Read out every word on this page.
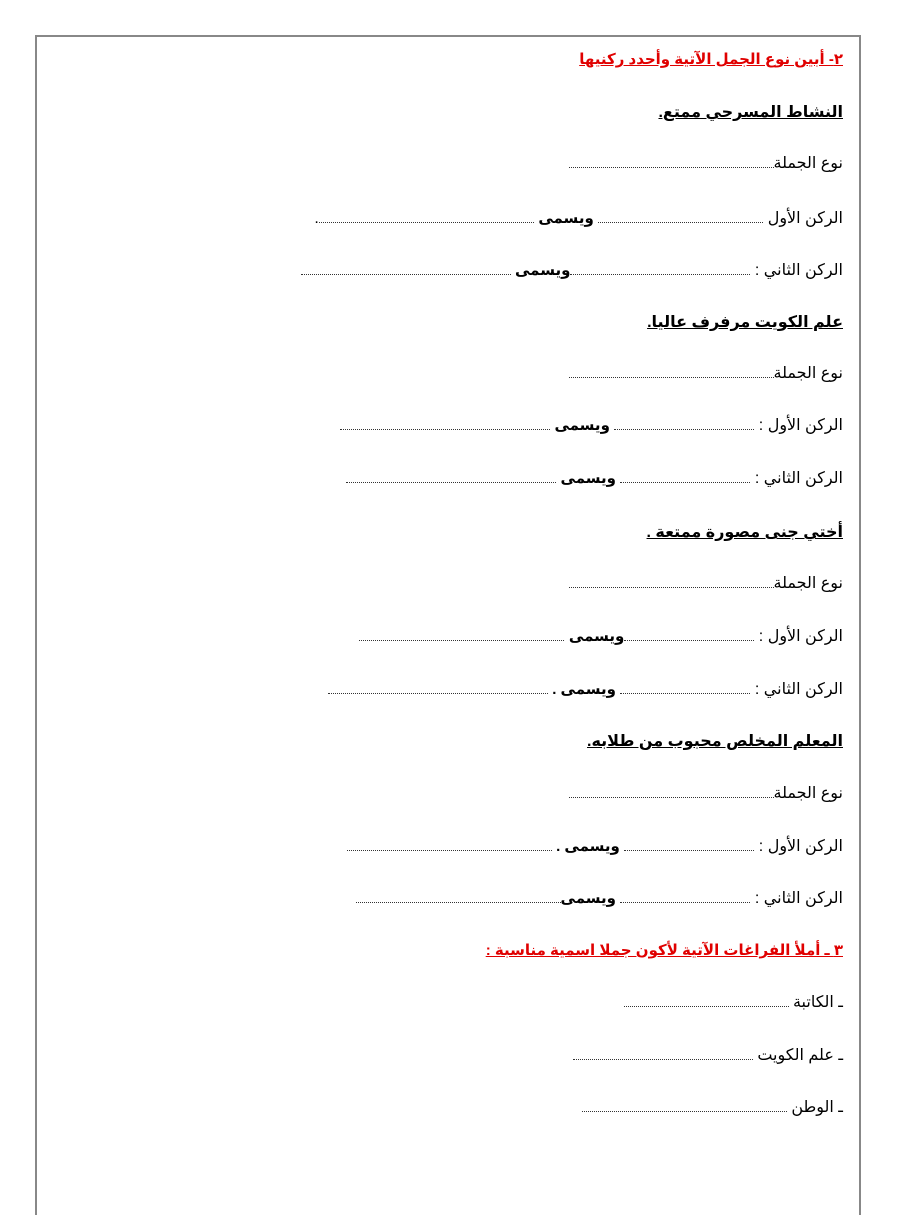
٢- أبين نوع الجمل الآتية وأحدد ركنيها
النشاط المسرحي ممتع.
نوع الجملة
الركن الأول  ويسمى .
الركن الثاني : ويسمى
علم الكويت مرفرف عاليا.
نوع الجملة
الركن الأول :  ويسمى
الركن الثاني :  ويسمى
أختي جنى مصورة ممتعة .
نوع الجملة
الركن الأول : ويسمى
الركن الثاني :  ويسمى .
المعلم المخلص محبوب من طلابه.
نوع الجملة
الركن الأول :  ويسمى .
الركن الثاني :  ويسمى
٣ ـ أملأ الفراغات الآتية لأكون جملا اسمية مناسبة :
ـ الكاتبة
ـ علم الكويت
ـ الوطن
